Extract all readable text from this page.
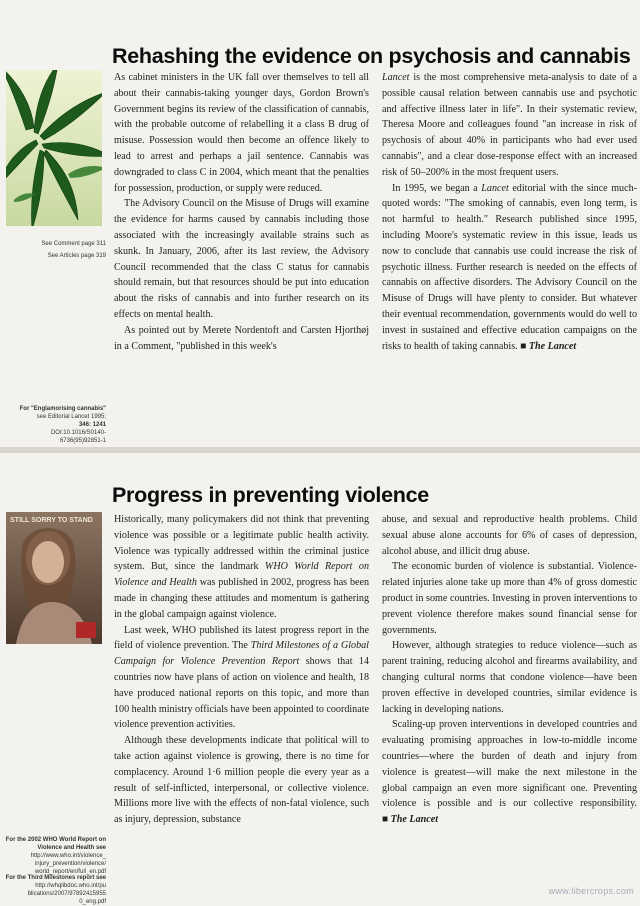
Rehashing the evidence on psychosis and cannabis
See Comment page 311
See Articles page 319
For "Englamorising cannabis"
see Editorial Lancet 1995;
346: 1241
DOI:10.1016/S0140-
6736(95)92851-1

As cabinet ministers in the UK fall over themselves to tell all about their cannabis-taking younger days, Gordon Brown's Government begins its review of the classification of cannabis, with the probable outcome of relabelling it a class B drug of misuse. Possession would then become an offence likely to lead to arrest and perhaps a jail sentence. Cannabis was downgraded to class C in 2004, which meant that the penalties for possession, production, or supply were reduced.

The Advisory Council on the Misuse of Drugs will examine the evidence for harms caused by cannabis including those associated with the increasingly available strains such as skunk. In January, 2006, after its last review, the Advisory Council recommended that the class C status for cannabis should remain, but that resources should be put into education about the risks of cannabis and into further research on its effects on mental health.

As pointed out by Merete Nordentoft and Carsten Hjorthøj in a Comment, "published in this week's

Lancet is the most comprehensive meta-analysis to date of a possible causal relation between cannabis use and psychotic and affective illness later in life". In their systematic review, Theresa Moore and colleagues found "an increase in risk of psychosis of about 40% in participants who had ever used cannabis", and a clear dose-response effect with an increased risk of 50–200% in the most frequent users.

In 1995, we began a Lancet editorial with the since much-quoted words: "The smoking of cannabis, even long term, is not harmful to health." Research published since 1995, including Moore's systematic review in this issue, leads us now to conclude that cannabis use could increase the risk of psychotic illness. Further research is needed on the effects of cannabis on affective disorders. The Advisory Council on the Misuse of Drugs will have plenty to consider. But whatever their eventual recommendation, governments would do well to invest in sustained and effective education campaigns on the risks to health of taking cannabis. ■ The Lancet

Progress in preventing violence
STILL SORRY TO STAND
For the 2002 WHO World Report on Violence and Health see
http://www.who.int/violence_
injury_prevention/violence/
world_report/en/full_en.pdf
For the Third Milestones report see
http://whqlibdoc.who.int/pu
blications/2007/97892415955
0_eng.pdf

Historically, many policymakers did not think that preventing violence was possible or a legitimate public health activity. Violence was typically addressed within the criminal justice system. But, since the landmark WHO World Report on Violence and Health was published in 2002, progress has been made in changing these attitudes and momentum is gathering in the global campaign against violence.

Last week, WHO published its latest progress report in the field of violence prevention. The Third Milestones of a Global Campaign for Violence Prevention Report shows that 14 countries now have plans of action on violence and health, 18 have produced national reports on this topic, and more than 100 health ministry officials have been appointed to coordinate violence prevention activities.

Although these developments indicate that political will to take action against violence is growing, there is no time for complacency. Around 1·6 million people die every year as a result of self-inflicted, interpersonal, or collective violence. Millions more live with the effects of non-fatal violence, such as injury, depression, substance

abuse, and sexual and reproductive health problems. Child sexual abuse alone accounts for 6% of cases of depression, alcohol abuse, and illicit drug abuse.

The economic burden of violence is substantial. Violence-related injuries alone take up more than 4% of gross domestic product in some countries. Investing in proven interventions to prevent violence therefore makes sound financial sense for governments.

However, although strategies to reduce violence—such as parent training, reducing alcohol and firearms availability, and changing cultural norms that condone violence—have been proven effective in developed countries, similar evidence is lacking in developing nations.

Scaling-up proven interventions in developed countries and evaluating promising approaches in low-to-middle income countries—where the burden of death and injury from violence is greatest—will make the next milestone in the global campaign an even more significant one. Preventing violence is possible and is our collective responsibility. ■ The Lancet

www.libercrops.com
